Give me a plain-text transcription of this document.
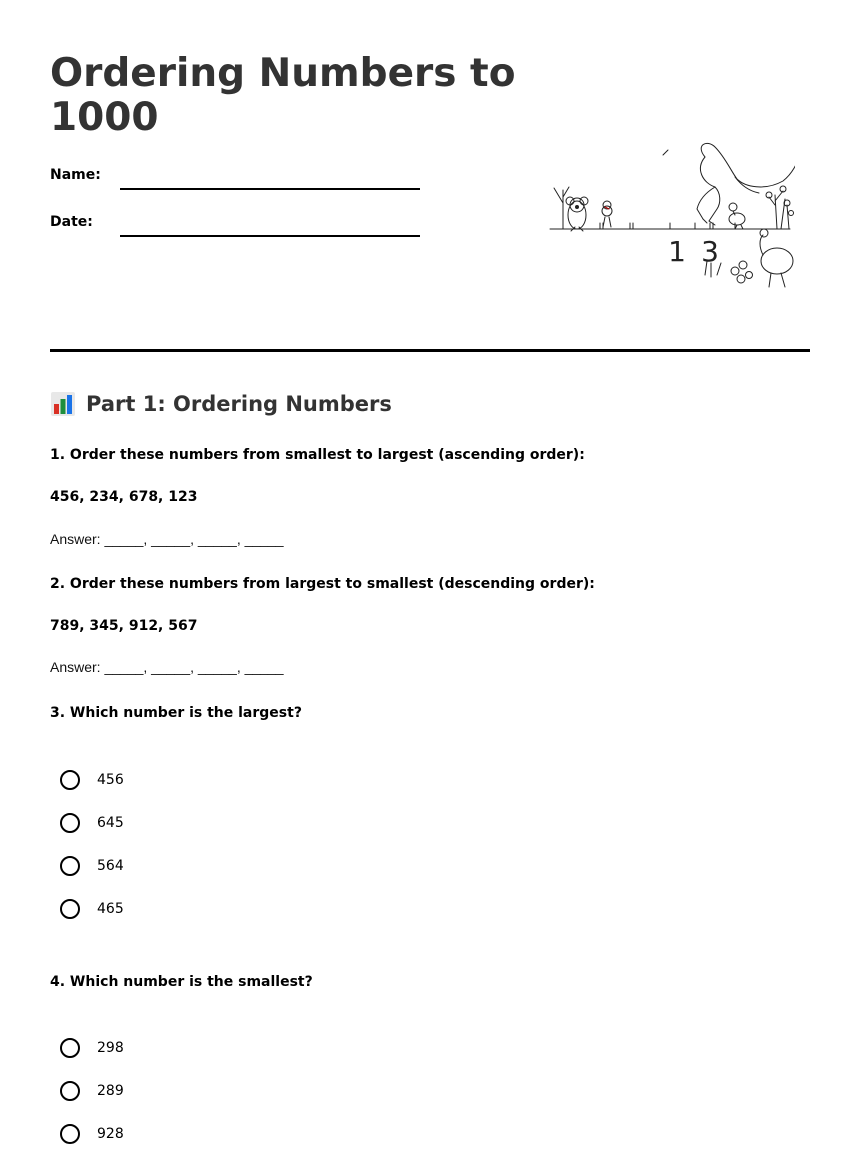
Ordering Numbers to 1000
Name:
Date:
1 3
Part 1: Ordering Numbers
1. Order these numbers from smallest to largest (ascending order):
456, 234, 678, 123
Answer: _____, _____, _____, _____
2. Order these numbers from largest to smallest (descending order):
789, 345, 912, 567
Answer: _____, _____, _____, _____
3. Which number is the largest?
456
645
564
465
4. Which number is the smallest?
298
289
928
